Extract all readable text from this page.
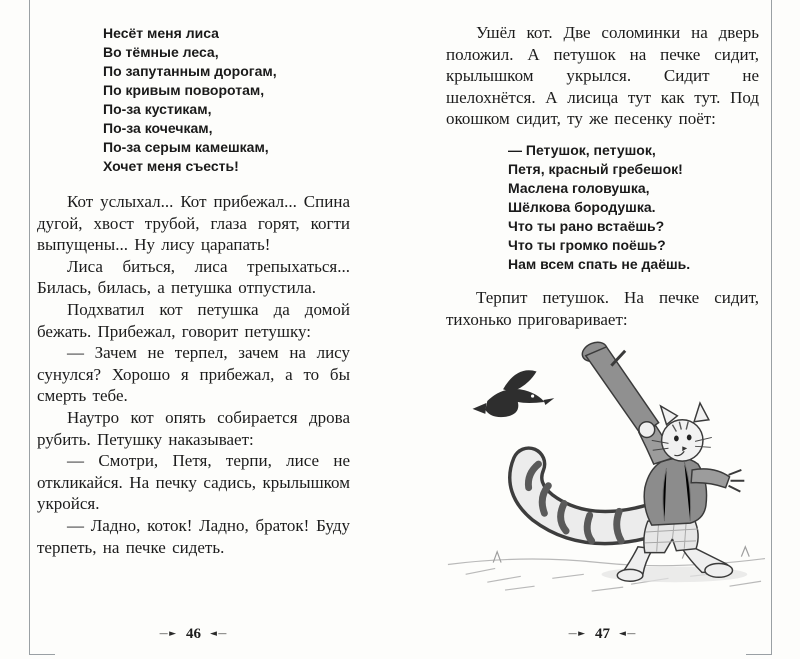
Несёт меня лиса
Во тёмные леса,
По запутанным дорогам,
По кривым поворотам,
По-за кустикам,
По-за кочечкам,
По-за серым камешкам,
Хочет меня съесть!

Кот услыхал... Кот прибежал... Спина дугой, хвост трубой, глаза горят, когти выпущены... Ну лису царапать!

Лиса биться, лиса трепыхаться... Билась, билась, а петушка отпустила.

Подхватил кот петушка да домой бежать. Прибежал, говорит петушку:

— Зачем не терпел, зачем на лису сунулся? Хорошо я прибежал, а то бы смерть тебе.

Наутро кот опять собирается дрова рубить. Петушку наказывает:

— Смотри, Петя, терпи, лисе не откликайся. На печку садись, крылышком укройся.

— Ладно, коток! Ладно, браток! Буду терпеть, на печке сидеть.

—► 46 ◄—

Ушёл кот. Две соломинки на дверь положил. А петушок на печке сидит, крылышком укрылся. Сидит не шелохнётся. А лисица тут как тут. Под окошком сидит, ту же песенку поёт:

— Петушок, петушок,
Петя, красный гребешок!
Маслена головушка,
Шёлкова бородушка.
Что ты рано встаёшь?
Что ты громко поёшь?
Нам всем спать не даёшь.

Терпит петушок. На печке сидит, тихонько приговаривает:

—► 47 ◄—
